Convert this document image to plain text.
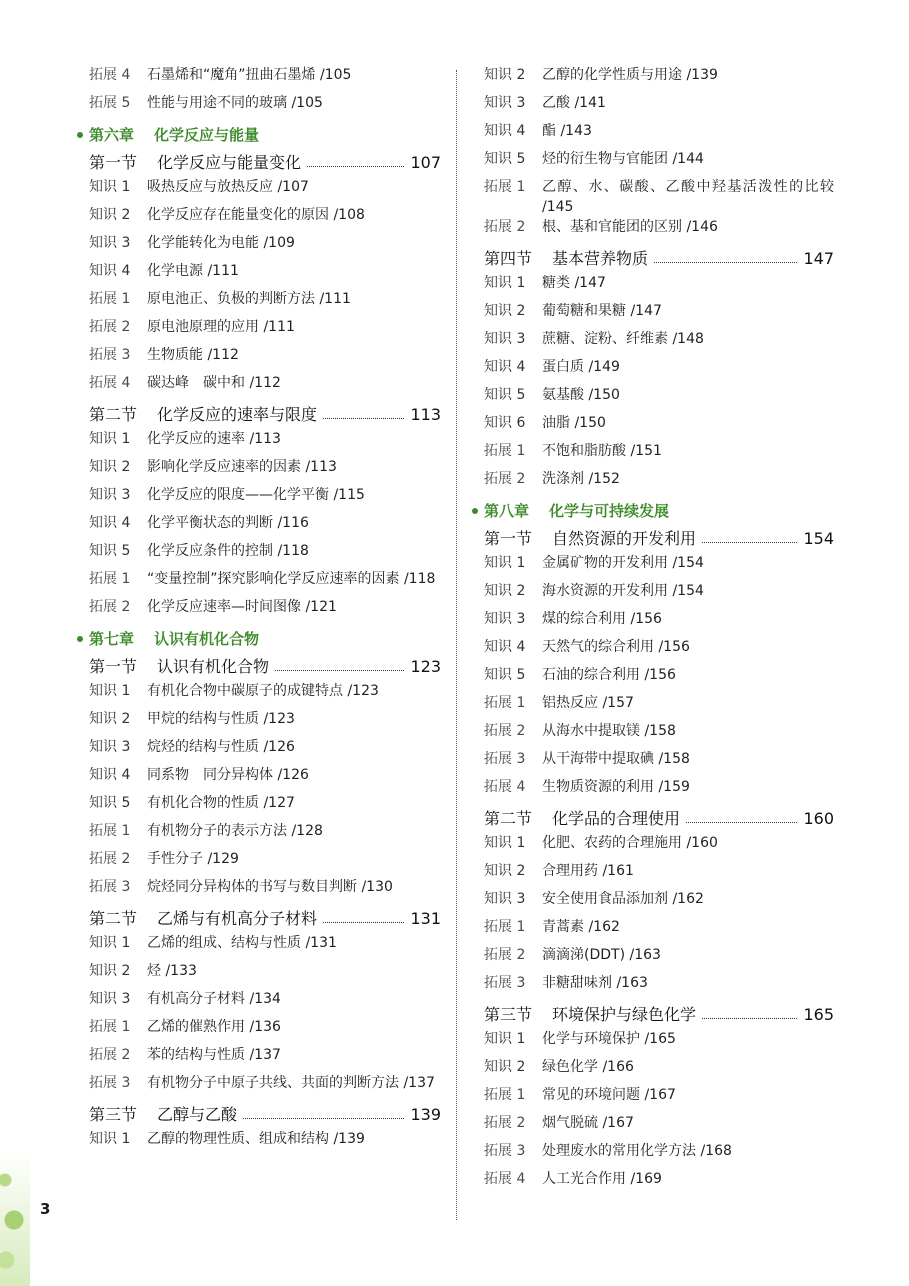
3
拓展 4	石墨烯和“魔角”扭曲石墨烯 /105
拓展 5	性能与用途不同的玻璃 /105
第六章 化学反应与能量
第一节	化学反应与能量变化	107
知识 1	吸热反应与放热反应 /107
知识 2	化学反应存在能量变化的原因 /108
知识 3	化学能转化为电能 /109
知识 4	化学电源 /111
拓展 1	原电池正、负极的判断方法 /111
拓展 2	原电池原理的应用 /111
拓展 3	生物质能 /112
拓展 4	碳达峰　碳中和 /112
第二节	化学反应的速率与限度	113
知识 1	化学反应的速率 /113
知识 2	影响化学反应速率的因素 /113
知识 3	化学反应的限度——化学平衡 /115
知识 4	化学平衡状态的判断 /116
知识 5	化学反应条件的控制 /118
拓展 1	“变量控制”探究影响化学反应速率的因素 /118
拓展 2	化学反应速率—时间图像 /121
第七章 认识有机化合物
第一节	认识有机化合物	123
知识 1	有机化合物中碳原子的成键特点 /123
知识 2	甲烷的结构与性质 /123
知识 3	烷烃的结构与性质 /126
知识 4	同系物　同分异构体 /126
知识 5	有机化合物的性质 /127
拓展 1	有机物分子的表示方法 /128
拓展 2	手性分子 /129
拓展 3	烷烃同分异构体的书写与数目判断 /130
第二节	乙烯与有机高分子材料	131
知识 1	乙烯的组成、结构与性质 /131
知识 2	烃 /133
知识 3	有机高分子材料 /134
拓展 1	乙烯的催熟作用 /136
拓展 2	苯的结构与性质 /137
拓展 3	有机物分子中原子共线、共面的判断方法 /137
第三节	乙醇与乙酸	139
知识 1	乙醇的物理性质、组成和结构 /139
知识 2	乙醇的化学性质与用途 /139
知识 3	乙酸 /141
知识 4	酯 /143
知识 5	烃的衍生物与官能团 /144
拓展 1	乙醇、水、碳酸、乙酸中羟基活泼性的比较 /145
拓展 2	根、基和官能团的区别 /146
第四节	基本营养物质	147
知识 1	糖类 /147
知识 2	葡萄糖和果糖 /147
知识 3	蔗糖、淀粉、纤维素 /148
知识 4	蛋白质 /149
知识 5	氨基酸 /150
知识 6	油脂 /150
拓展 1	不饱和脂肪酸 /151
拓展 2	洗涤剂 /152
第八章 化学与可持续发展
第一节	自然资源的开发利用	154
知识 1	金属矿物的开发利用 /154
知识 2	海水资源的开发利用 /154
知识 3	煤的综合利用 /156
知识 4	天然气的综合利用 /156
知识 5	石油的综合利用 /156
拓展 1	铝热反应 /157
拓展 2	从海水中提取镁 /158
拓展 3	从干海带中提取碘 /158
拓展 4	生物质资源的利用 /159
第二节	化学品的合理使用	160
知识 1	化肥、农药的合理施用 /160
知识 2	合理用药 /161
知识 3	安全使用食品添加剂 /162
拓展 1	青蒿素 /162
拓展 2	滴滴涕(DDT) /163
拓展 3	非糖甜味剂 /163
第三节	环境保护与绿色化学	165
知识 1	化学与环境保护 /165
知识 2	绿色化学 /166
拓展 1	常见的环境问题 /167
拓展 2	烟气脱硫 /167
拓展 3	处理废水的常用化学方法 /168
拓展 4	人工光合作用 /169
